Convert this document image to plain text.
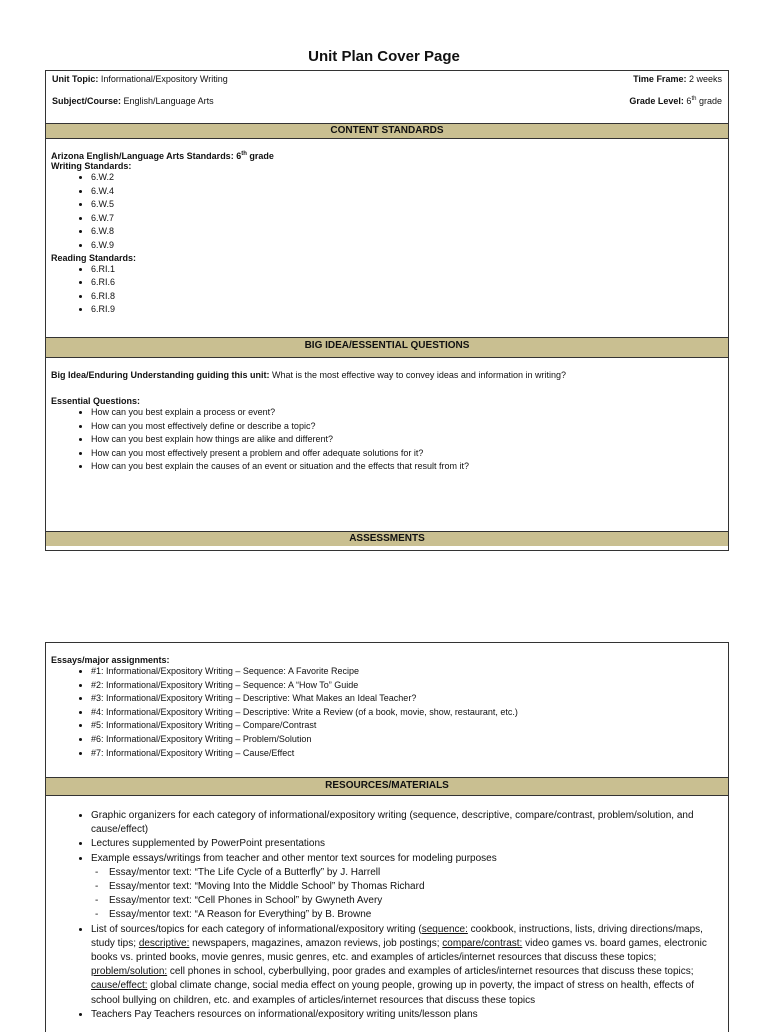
Unit Plan Cover Page
Unit Topic: Informational/Expository Writing	Time Frame: 2 weeks
Subject/Course: English/Language Arts	Grade Level: 6th grade
CONTENT STANDARDS
Arizona English/Language Arts Standards: 6th grade
Writing Standards:
• 6.W.2
• 6.W.4
• 6.W.5
• 6.W.7
• 6.W.8
• 6.W.9
Reading Standards:
• 6.RI.1
• 6.RI.6
• 6.RI.8
• 6.RI.9
BIG IDEA/ESSENTIAL QUESTIONS
Big Idea/Enduring Understanding guiding this unit: What is the most effective way to convey ideas and information in writing?
Essential Questions:
• How can you best explain a process or event?
• How can you most effectively define or describe a topic?
• How can you best explain how things are alike and different?
• How can you most effectively present a problem and offer adequate solutions for it?
• How can you best explain the causes of an event or situation and the effects that result from it?
ASSESSMENTS
Essays/major assignments:
• #1: Informational/Expository Writing – Sequence: A Favorite Recipe
• #2: Informational/Expository Writing – Sequence: A “How To” Guide
• #3: Informational/Expository Writing – Descriptive: What Makes an Ideal Teacher?
• #4: Informational/Expository Writing – Descriptive: Write a Review (of a book, movie, show, restaurant, etc.)
• #5: Informational/Expository Writing – Compare/Contrast
• #6: Informational/Expository Writing – Problem/Solution
• #7: Informational/Expository Writing – Cause/Effect
RESOURCES/MATERIALS
• Graphic organizers for each category of informational/expository writing (sequence, descriptive, compare/contrast, problem/solution, and cause/effect)
• Lectures supplemented by PowerPoint presentations
• Example essays/writings from teacher and other mentor text sources for modeling purposes
- Essay/mentor text: “The Life Cycle of a Butterfly” by J. Harrell
- Essay/mentor text: “Moving Into the Middle School” by Thomas Richard
- Essay/mentor text: “Cell Phones in School” by Gwyneth Avery
- Essay/mentor text: “A Reason for Everything” by B. Browne
• List of sources/topics for each category of informational/expository writing (sequence: cookbook, instructions, lists, driving directions/maps, study tips; descriptive: newspapers, magazines, amazon reviews, job postings; compare/contrast: video games vs. board games, electronic books vs. printed books, movie genres, music genres, etc. and examples of articles/internet resources that discuss these topics; problem/solution: cell phones in school, cyberbullying, poor grades and examples of articles/internet resources that discuss these topics; cause/effect: global climate change, social media effect on young people, growing up in poverty, the impact of stress on health, effects of school bullying on children, etc. and examples of articles/internet resources that discuss these topics
• Teachers Pay Teachers resources on informational/expository writing units/lesson plans
